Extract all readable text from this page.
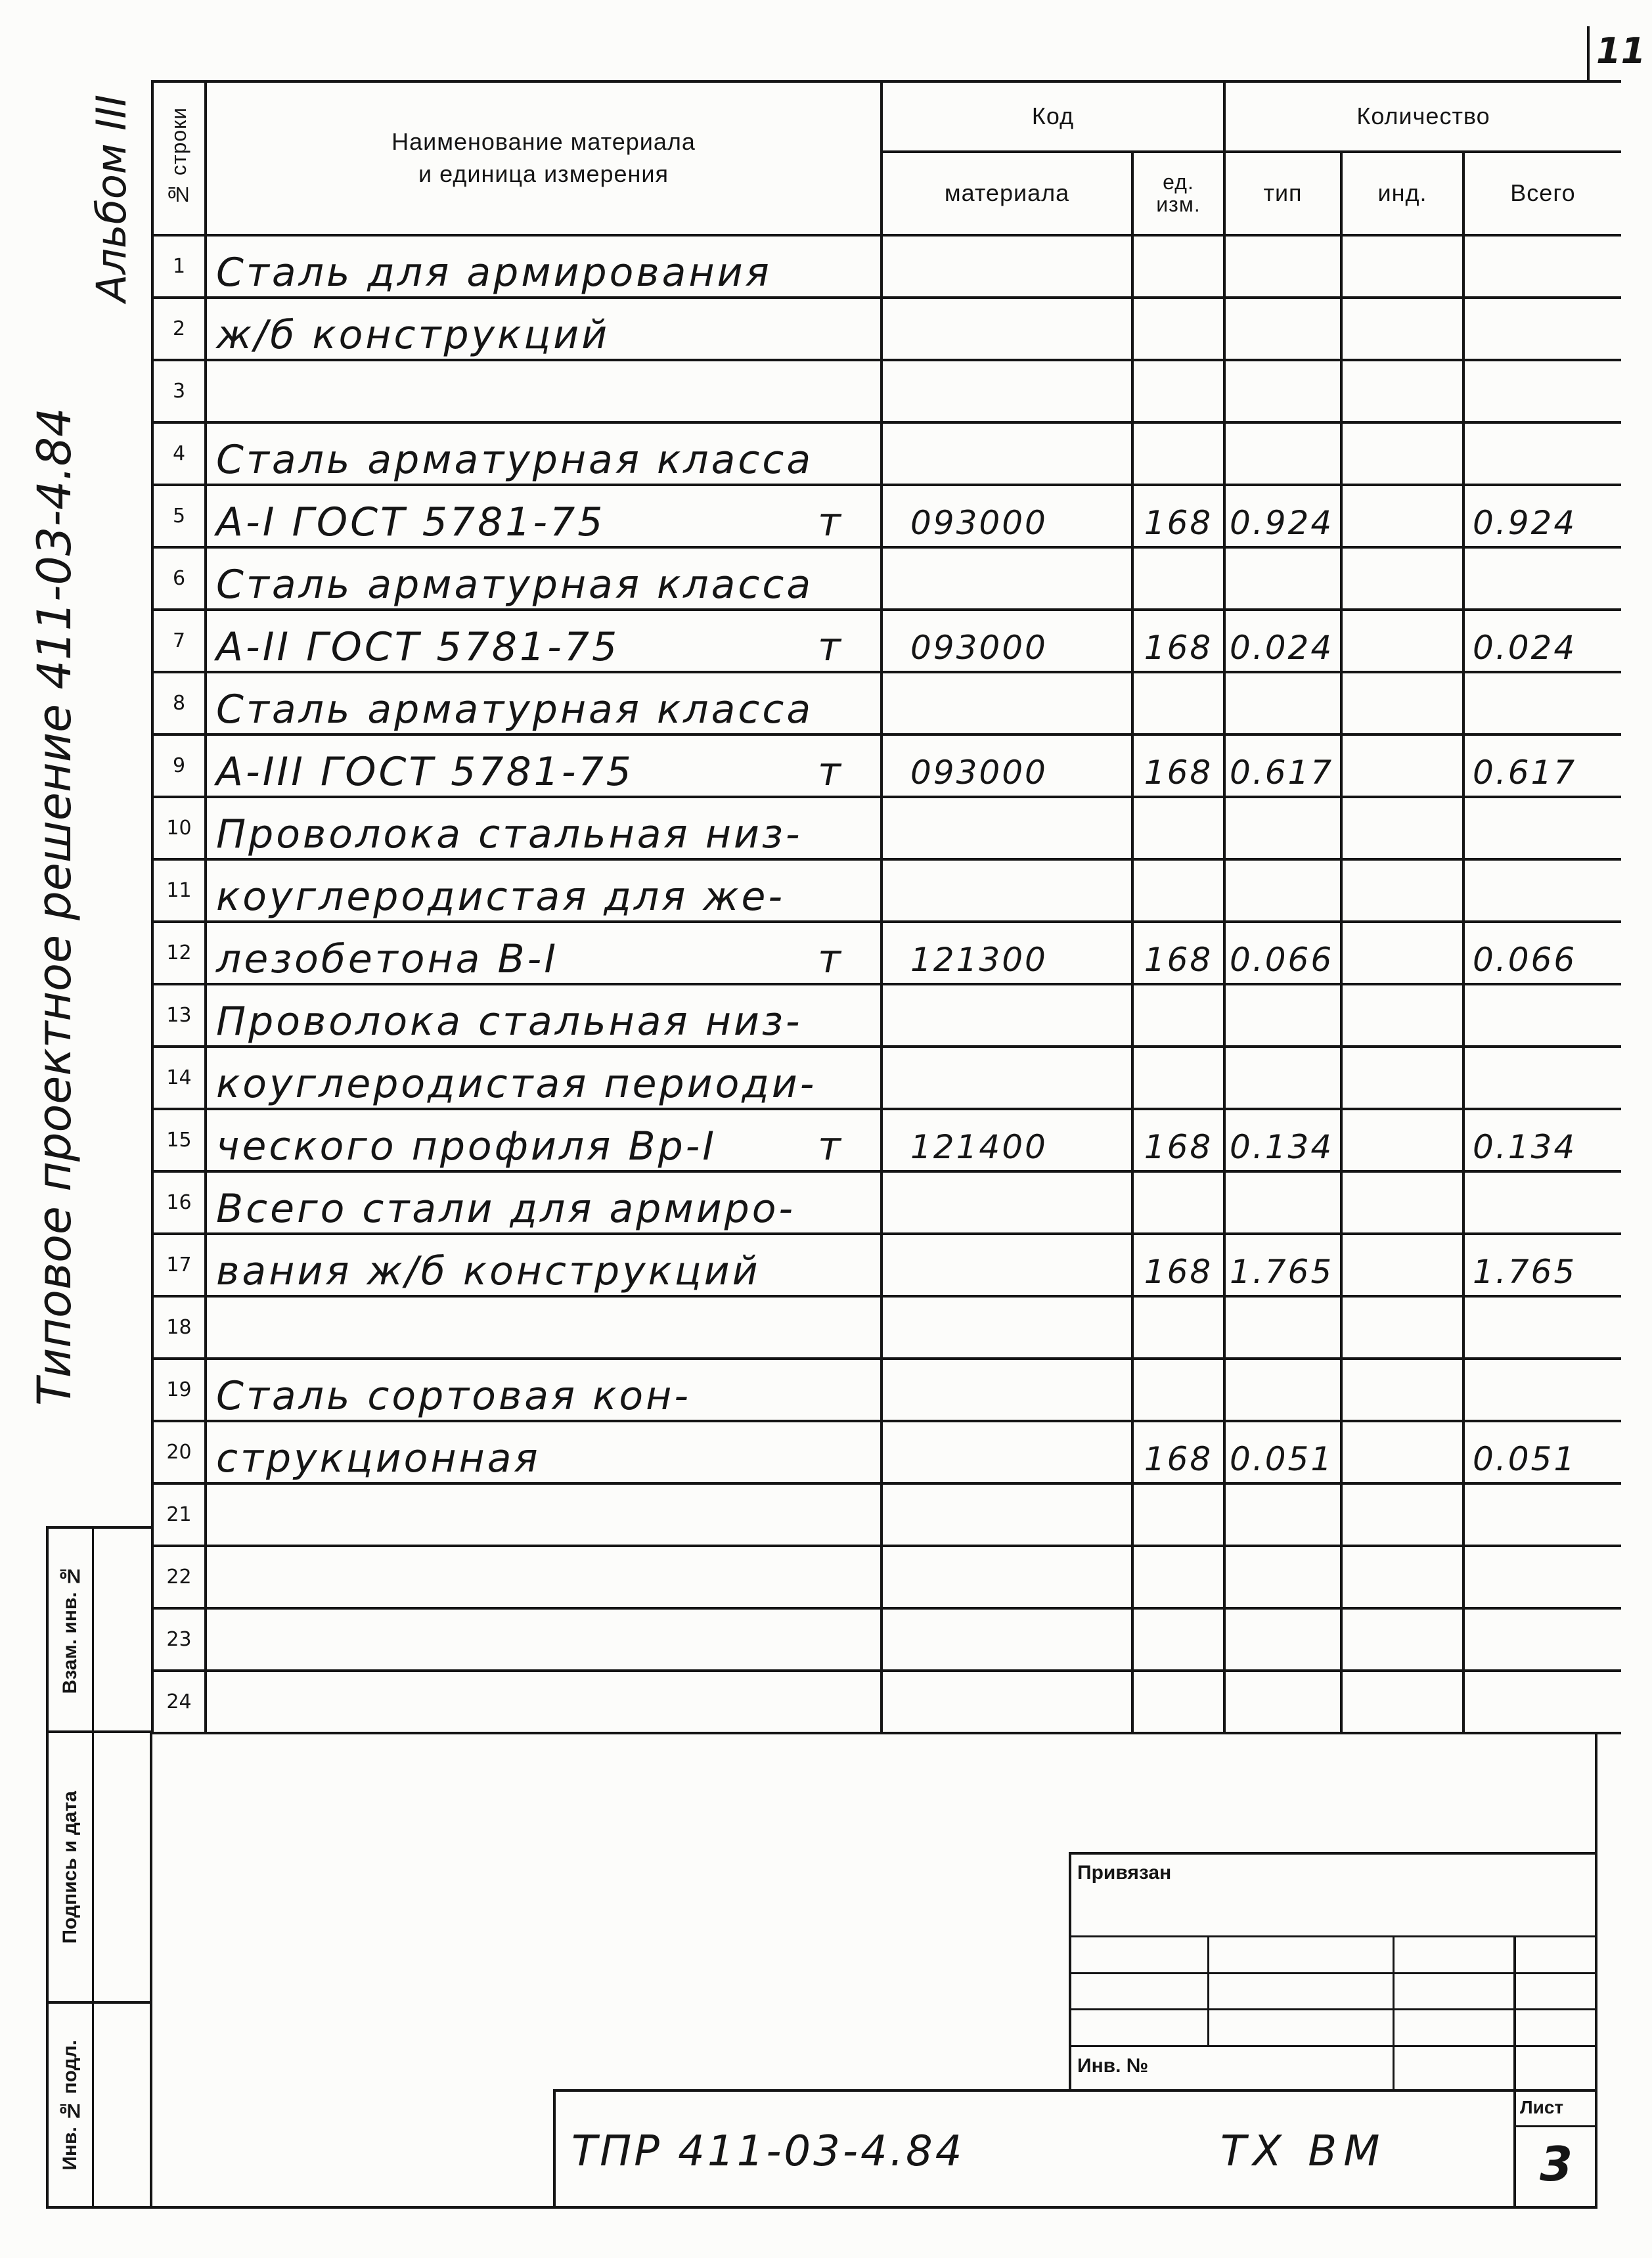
11
Типовое проектное решение 411-03-4.84
Альбом III № строки	Наименование материала
и единица измерения	Код		Количество		
		материала	ед. изм.	тип	инд.	Всего
1	Сталь для армирования					

2	ж/б конструкций					

3	

4	Сталь арматурная класса					

5	А-I ГОСТ 5781-75 т	093000	168	0.924		0.924
6	Сталь арматурная класса					

7	А-II ГОСТ 5781-75 т	093000	168	0.024		0.024
8	Сталь арматурная класса					

9	А-III ГОСТ 5781-75 т	093000	168	0.617		0.617
10	Проволока стальная низ-					

11	коуглеродистая для же-					

12	лезобетона В-I т	121300	168	0.066		0.066
13	Проволока стальная низ-					

14	коуглеродистая периоди-					

15	ческого профиля Вр-I т	121400	168	0.134		0.134
16	Всего стали для армиро-					

17	вания ж/б конструкций		168	1.765		1.765
18	

19	Сталь сортовая кон-					

20	струкционная		168	0.051		0.051
21	

22	

23	

24	

Взам. инв. №
Подпись и дата
Инв. № подл.
Привязан
Инв. №
ТПР 411-03-4.84	ТХ ВМ
Лист
3
